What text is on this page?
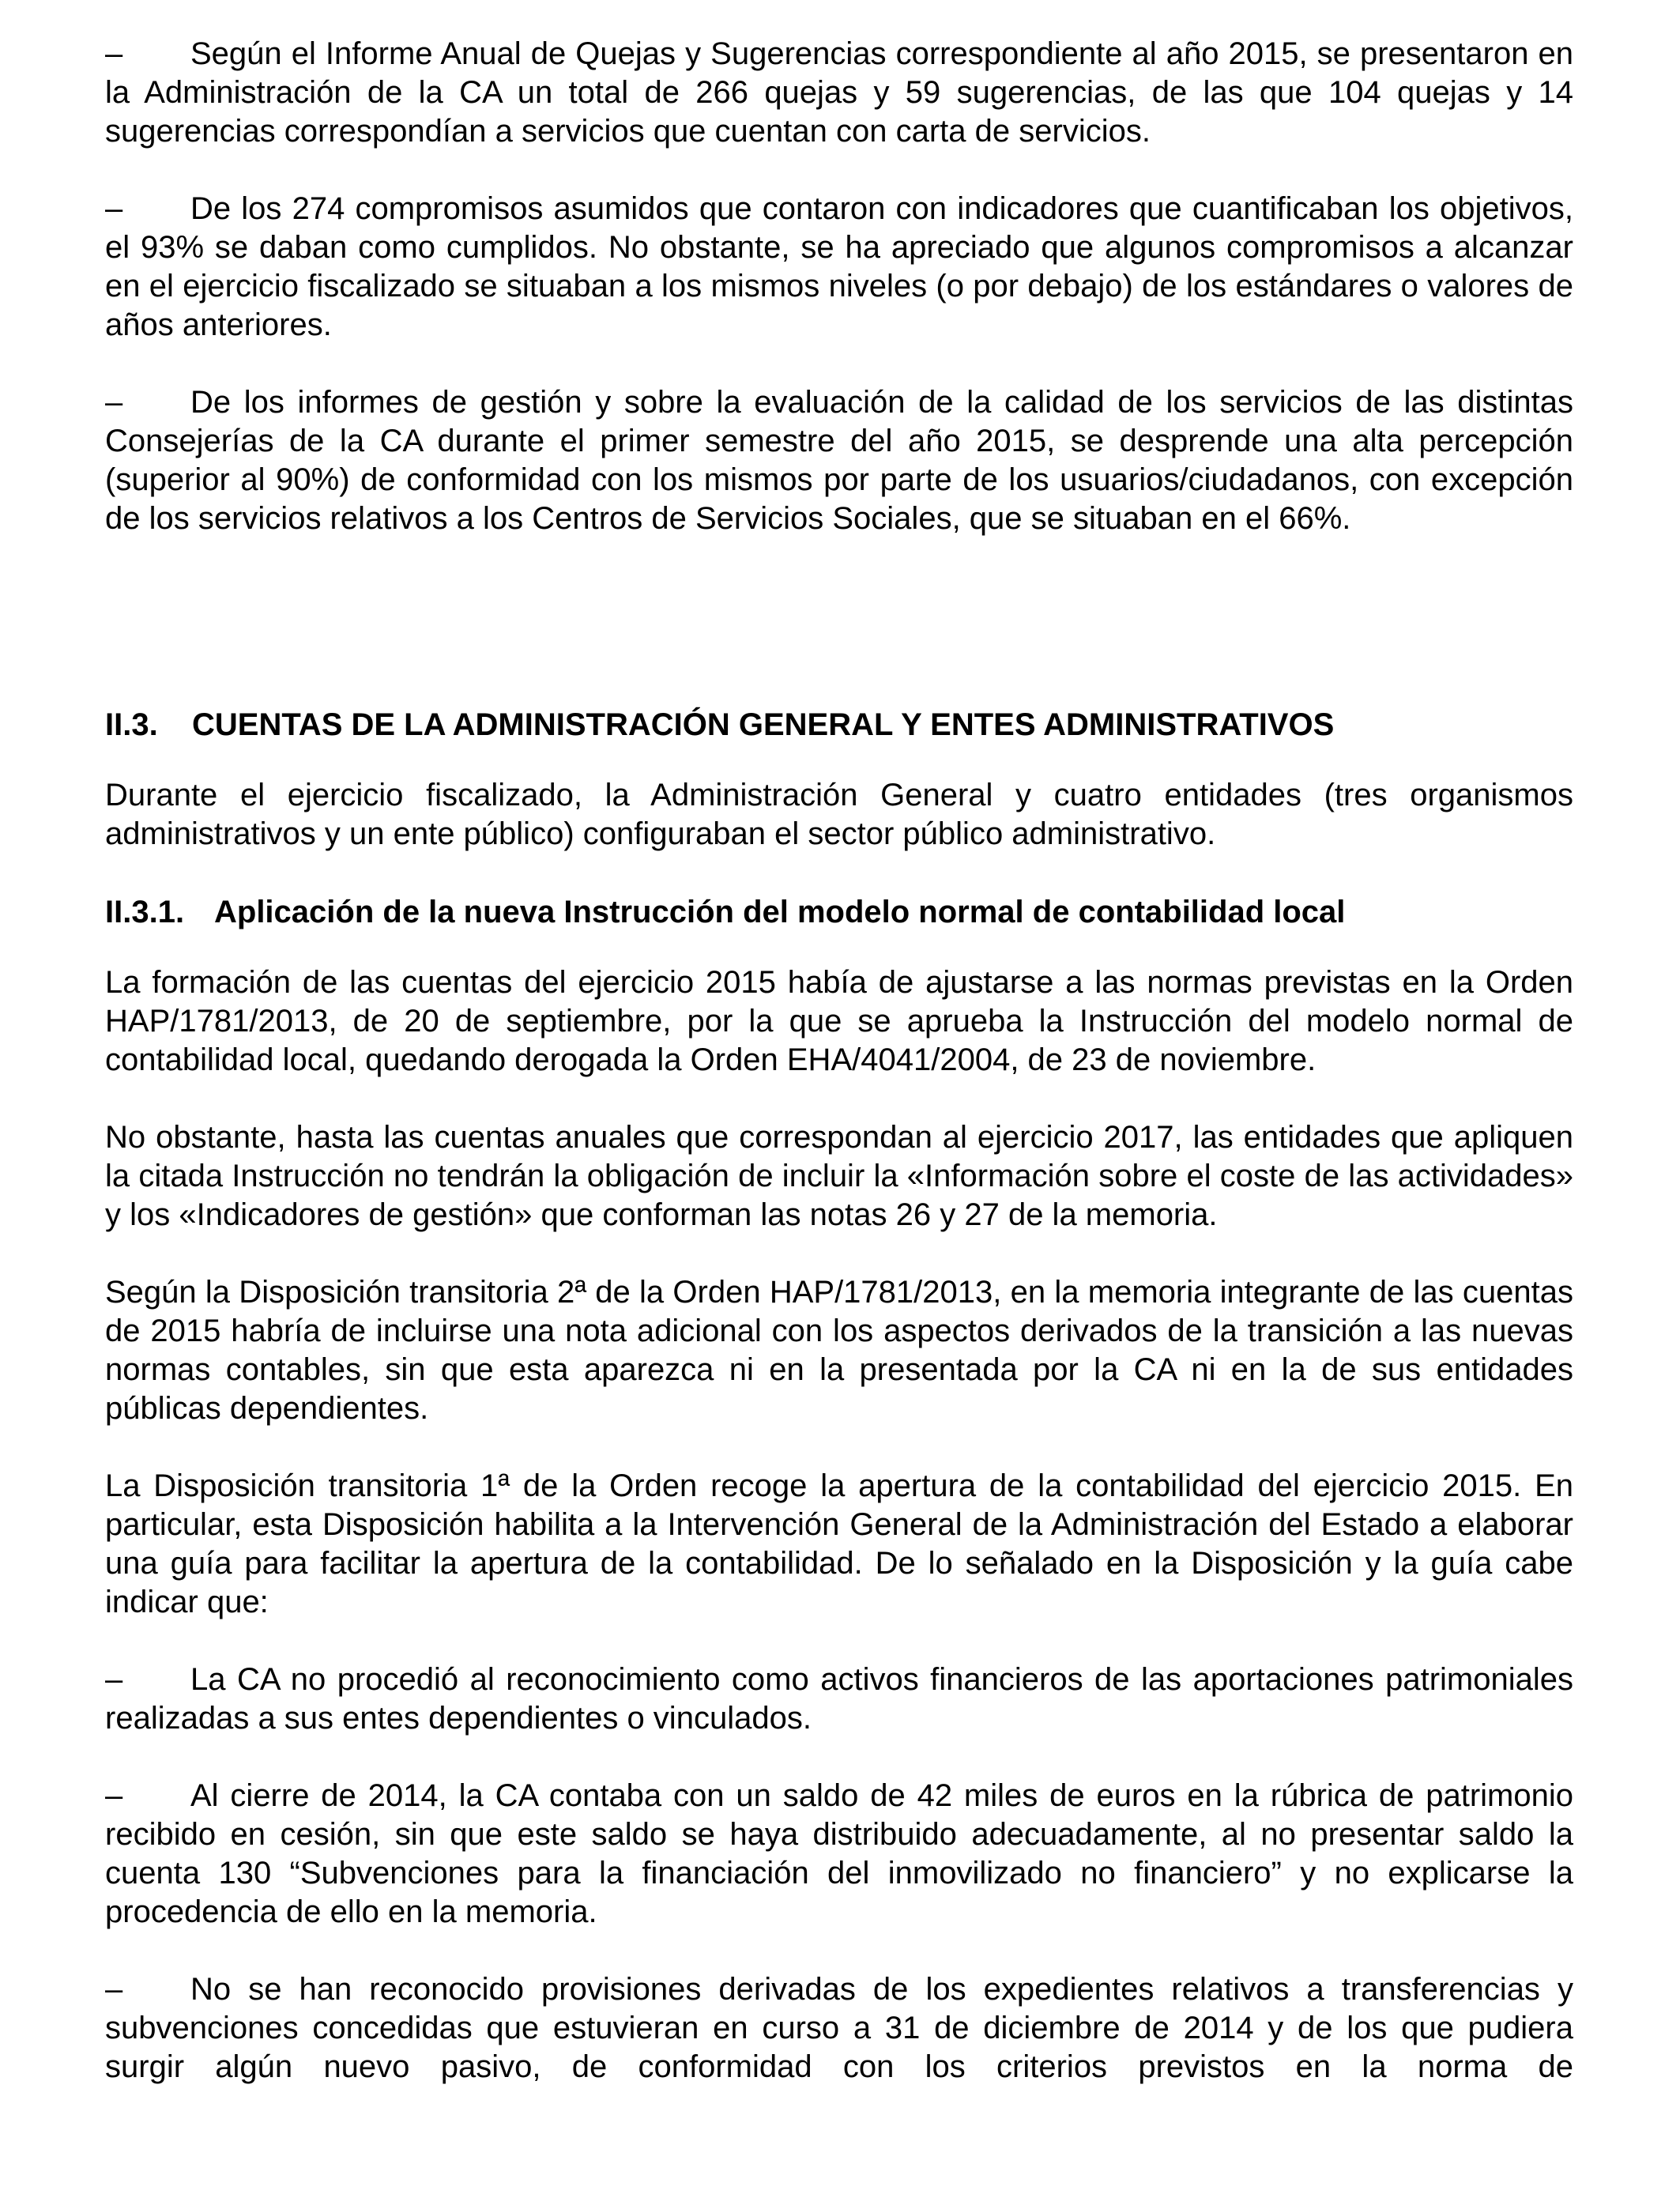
– Según el Informe Anual de Quejas y Sugerencias correspondiente al año 2015, se presentaron en la Administración de la CA un total de 266 quejas y 59 sugerencias, de las que 104 quejas y 14 sugerencias correspondían a servicios que cuentan con carta de servicios.

– De los 274 compromisos asumidos que contaron con indicadores que cuantificaban los objetivos, el 93% se daban como cumplidos. No obstante, se ha apreciado que algunos compromisos a alcanzar en el ejercicio fiscalizado se situaban a los mismos niveles (o por debajo) de los estándares o valores de años anteriores.

– De los informes de gestión y sobre la evaluación de la calidad de los servicios de las distintas Consejerías de la CA durante el primer semestre del año 2015, se desprende una alta percepción (superior al 90%) de conformidad con los mismos por parte de los usuarios/ciudadanos, con excepción de los servicios relativos a los Centros de Servicios Sociales, que se situaban en el 66%.

II.3. CUENTAS DE LA ADMINISTRACIÓN GENERAL Y ENTES ADMINISTRATIVOS

Durante el ejercicio fiscalizado, la Administración General y cuatro entidades (tres organismos administrativos y un ente público) configuraban el sector público administrativo.

II.3.1. Aplicación de la nueva Instrucción del modelo normal de contabilidad local

La formación de las cuentas del ejercicio 2015 había de ajustarse a las normas previstas en la Orden HAP/1781/2013, de 20 de septiembre, por la que se aprueba la Instrucción del modelo normal de contabilidad local, quedando derogada la Orden EHA/4041/2004, de 23 de noviembre.

No obstante, hasta las cuentas anuales que correspondan al ejercicio 2017, las entidades que apliquen la citada Instrucción no tendrán la obligación de incluir la «Información sobre el coste de las actividades» y los «Indicadores de gestión» que conforman las notas 26 y 27 de la memoria.

Según la Disposición transitoria 2ª de la Orden HAP/1781/2013, en la memoria integrante de las cuentas de 2015 habría de incluirse una nota adicional con los aspectos derivados de la transición a las nuevas normas contables, sin que esta aparezca ni en la presentada por la CA ni en la de sus entidades públicas dependientes.

La Disposición transitoria 1ª de la Orden recoge la apertura de la contabilidad del ejercicio 2015. En particular, esta Disposición habilita a la Intervención General de la Administración del Estado a elaborar una guía para facilitar la apertura de la contabilidad. De lo señalado en la Disposición y la guía cabe indicar que:

– La CA no procedió al reconocimiento como activos financieros de las aportaciones patrimoniales realizadas a sus entes dependientes o vinculados.

– Al cierre de 2014, la CA contaba con un saldo de 42 miles de euros en la rúbrica de patrimonio recibido en cesión, sin que este saldo se haya distribuido adecuadamente, al no presentar saldo la cuenta 130 “Subvenciones para la financiación del inmovilizado no financiero” y no explicarse la procedencia de ello en la memoria.

– No se han reconocido provisiones derivadas de los expedientes relativos a transferencias y subvenciones concedidas que estuvieran en curso a 31 de diciembre de 2014 y de los que pudiera surgir algún nuevo pasivo, de conformidad con los criterios previstos en la norma de
